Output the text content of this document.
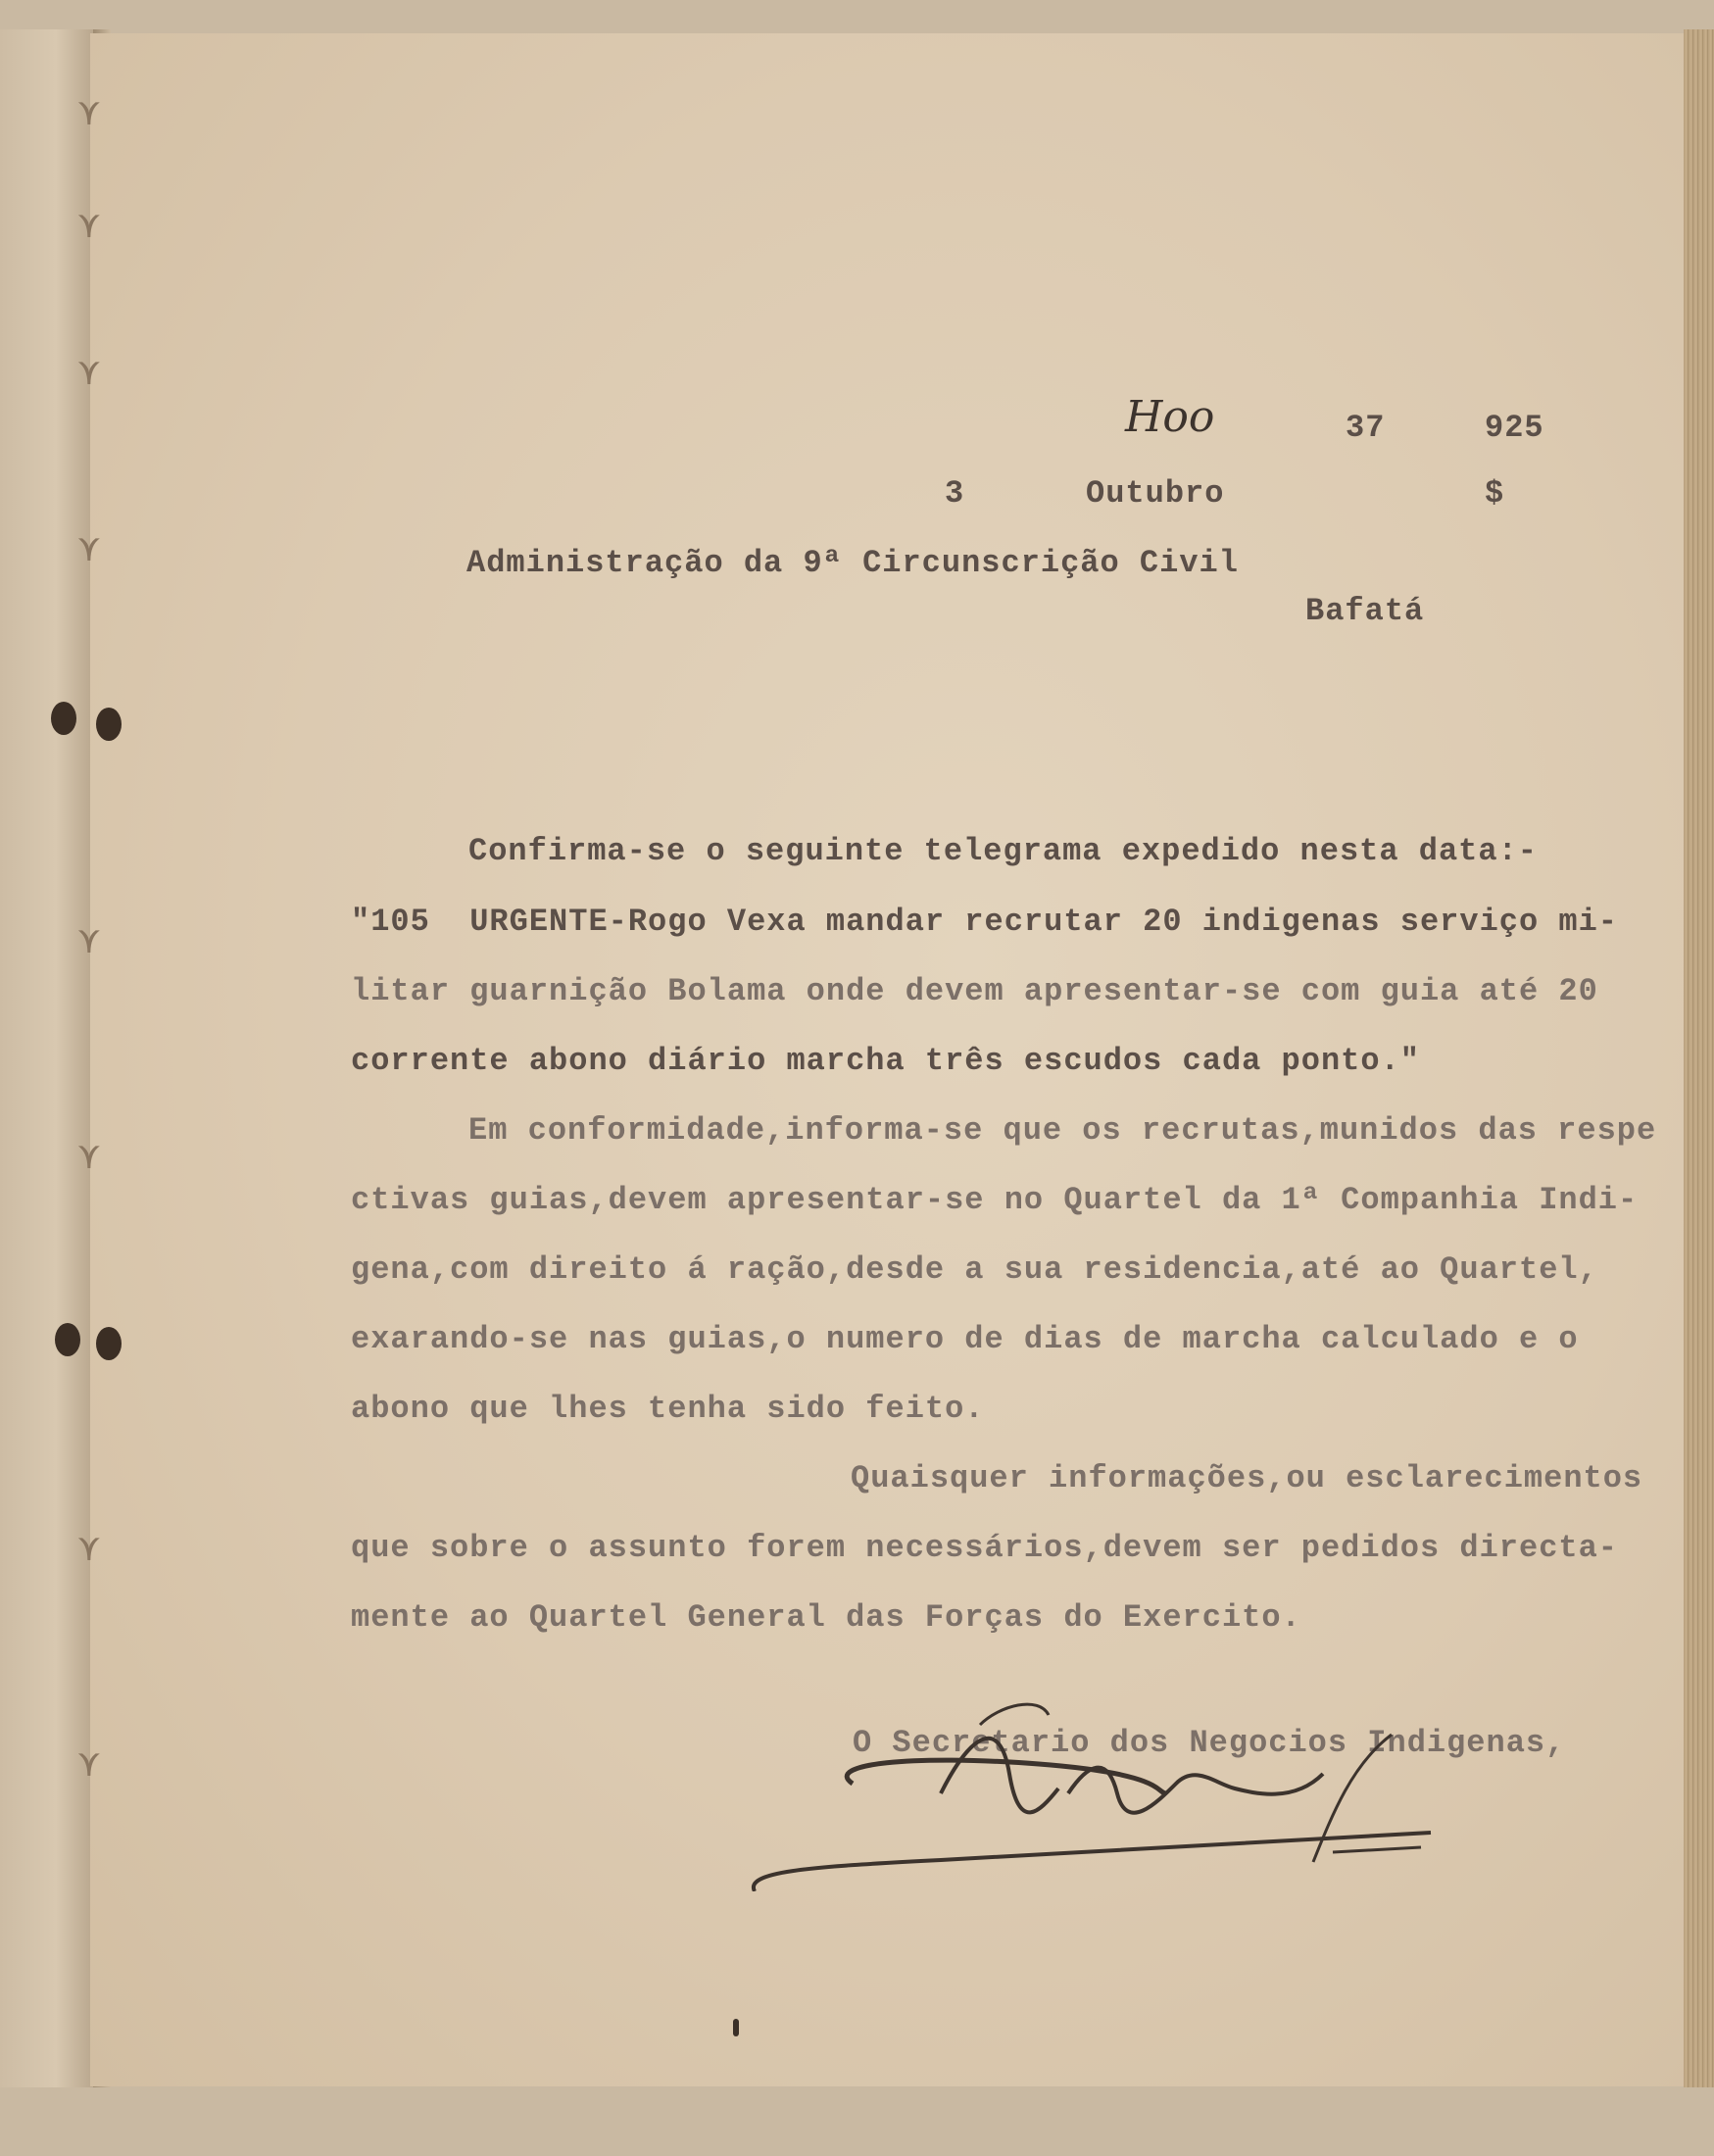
⋎
⋎
⋎
⋎
⋎
⋎
⋎
⋎
Hoo	37	925
3	Outubro	$
Administração da 9ª Circunscrição Civil
Bafatá
Confirma-se o seguinte telegrama expedido nesta data:-
"105  URGENTE-Rogo Vexa mandar recrutar 20 indigenas serviço mi-
litar guarnição Bolama onde devem apresentar-se com guia até 20
corrente abono diário marcha três escudos cada ponto."
Em conformidade,informa-se que os recrutas,munidos das respe
ctivas guias,devem apresentar-se no Quartel da 1ª Companhia Indi-
gena,com direito á ração,desde a sua residencia,até ao Quartel,
exarando-se nas guias,o numero de dias de marcha calculado e o
abono que lhes tenha sido feito.
Quaisquer informações,ou esclarecimentos
que sobre o assunto forem necessários,devem ser pedidos directa-
mente ao Quartel General das Forças do Exercito.
O Secretario dos Negocios Indigenas,
